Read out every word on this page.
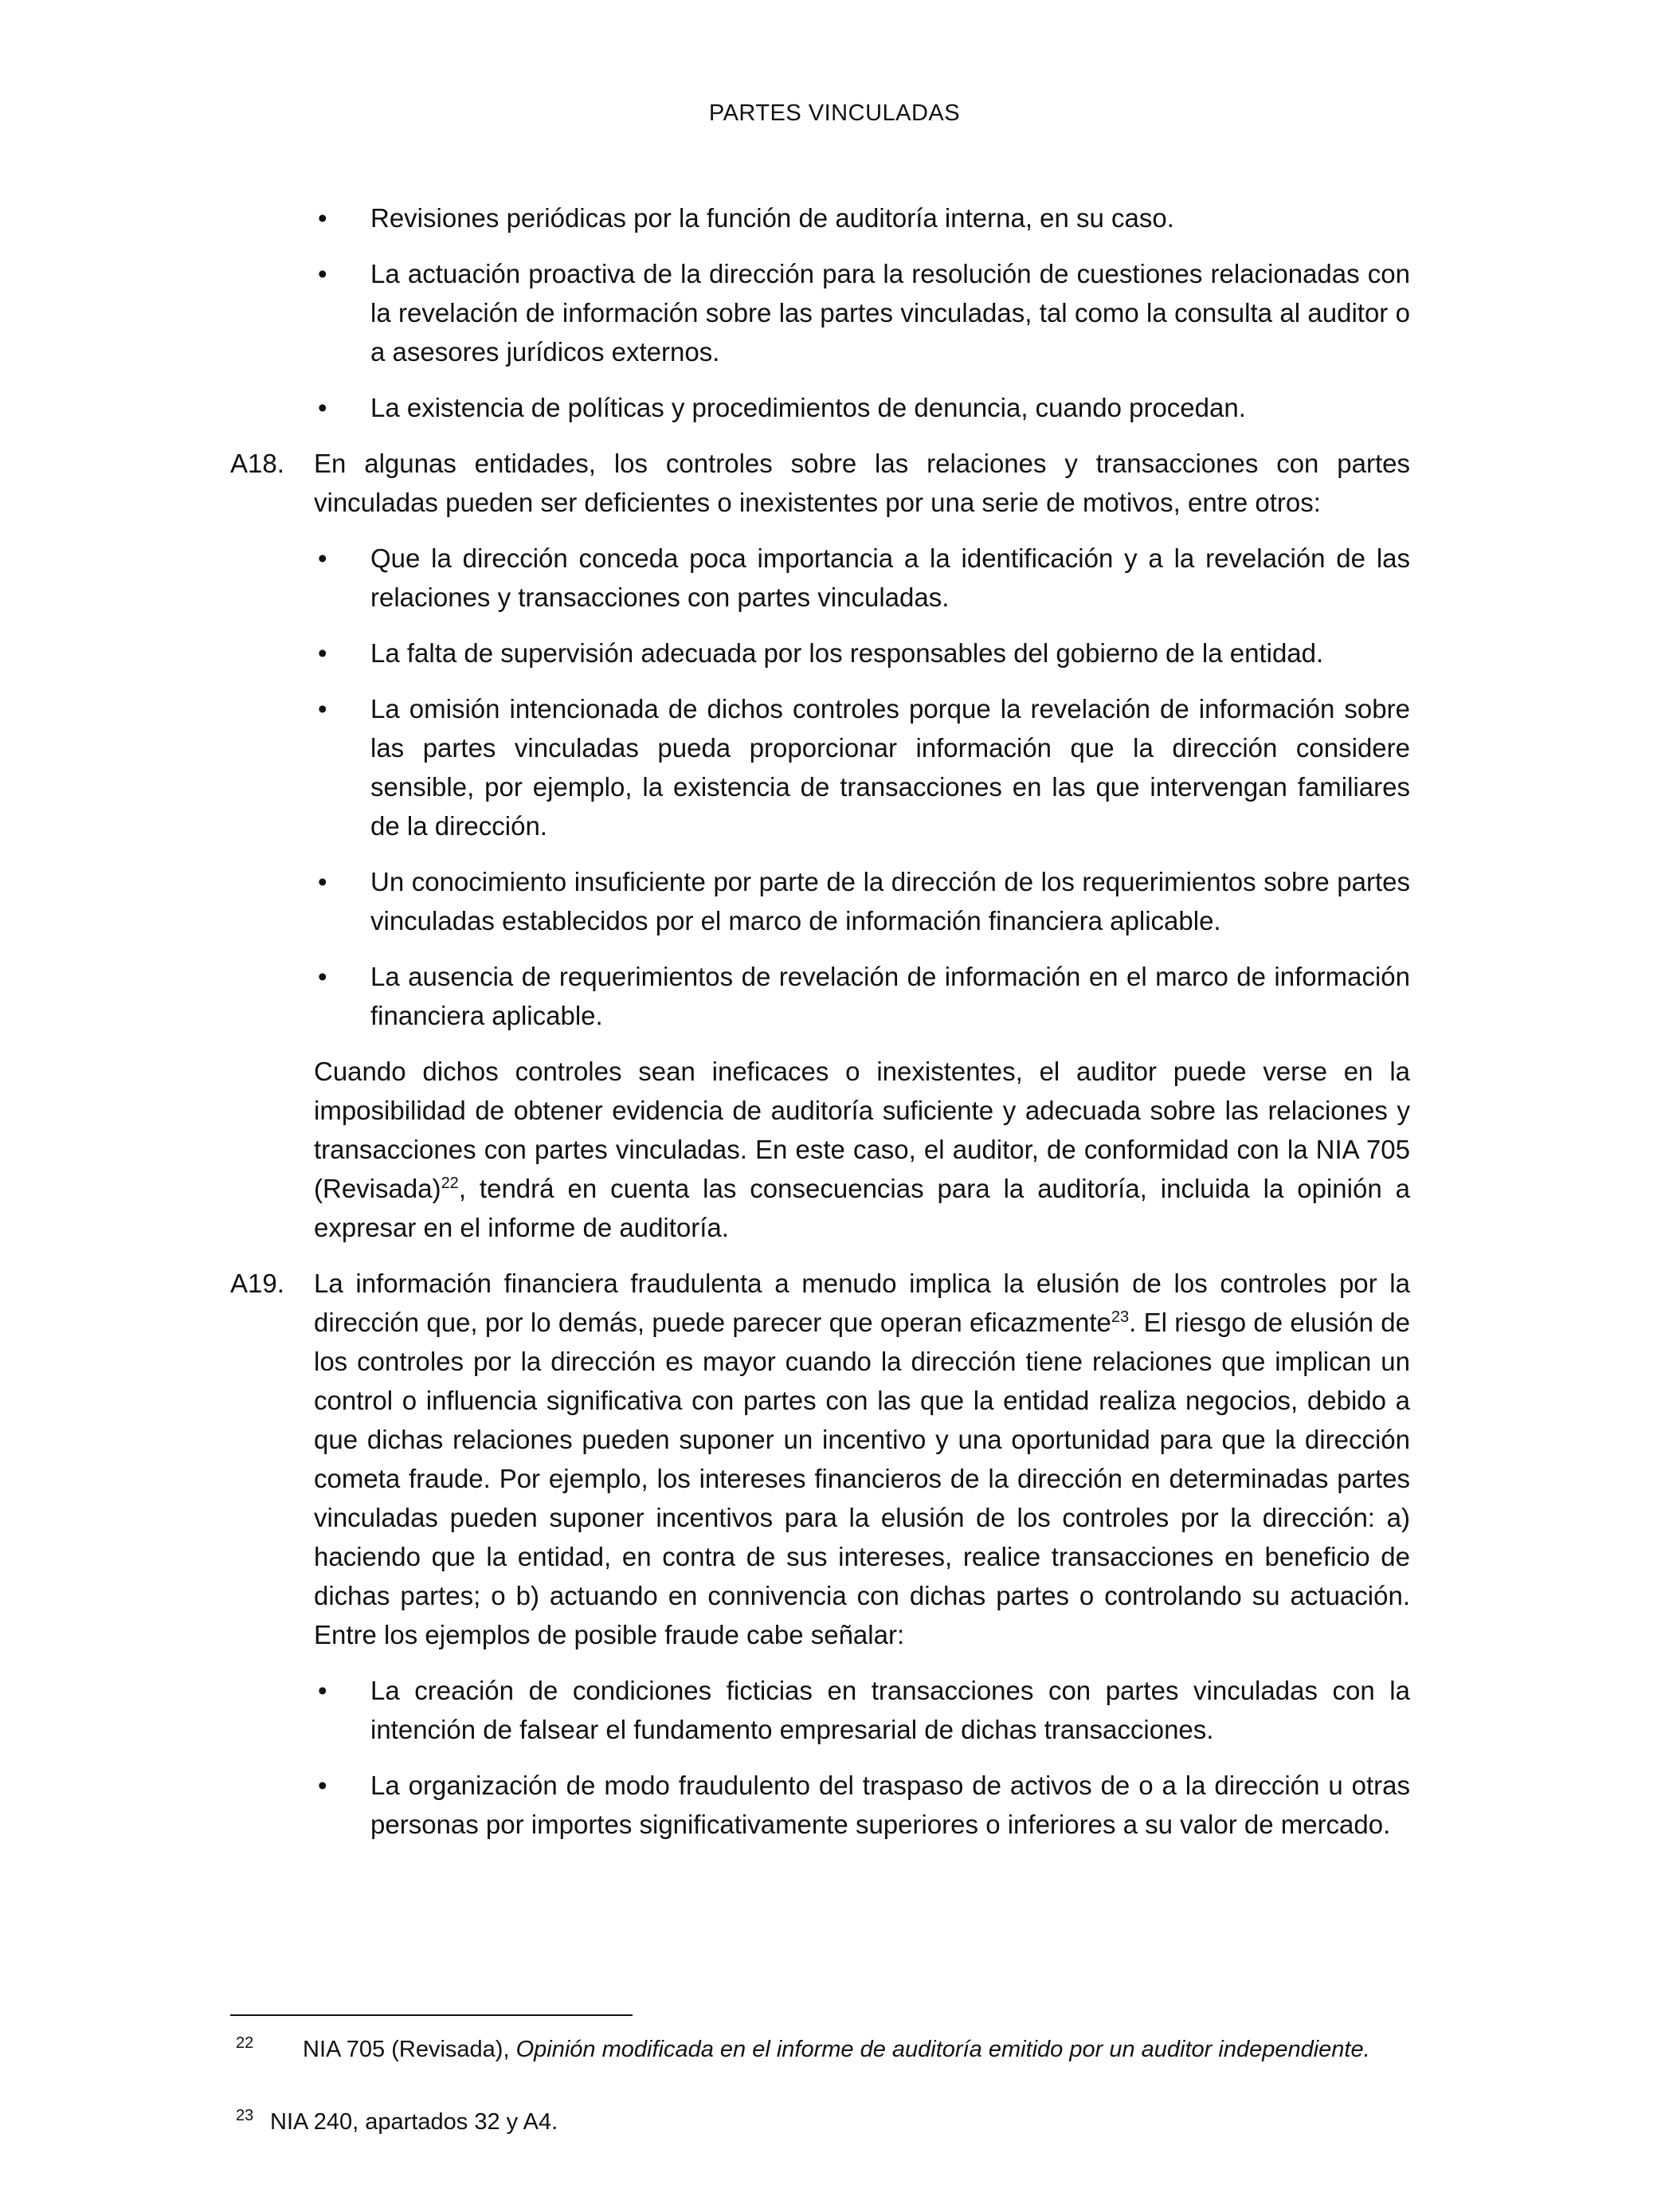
PARTES VINCULADAS
•	Revisiones periódicas por la función de auditoría interna, en su caso.
•	La actuación proactiva de la dirección para la resolución de cuestiones relacionadas con la revelación de información sobre las partes vinculadas, tal como la consulta al auditor o a asesores jurídicos externos.
•	La existencia de políticas y procedimientos de denuncia, cuando procedan.
A18. En algunas entidades, los controles sobre las relaciones y transacciones con partes vinculadas pueden ser deficientes o inexistentes por una serie de motivos, entre otros:
•	Que la dirección conceda poca importancia a la identificación y a la revelación de las relaciones y transacciones con partes vinculadas.
•	La falta de supervisión adecuada por los responsables del gobierno de la entidad.
•	La omisión intencionada de dichos controles porque la revelación de información sobre las partes vinculadas pueda proporcionar información que la dirección considere sensible, por ejemplo, la existencia de transacciones en las que intervengan familiares de la dirección.
•	Un conocimiento insuficiente por parte de la dirección de los requerimientos sobre partes vinculadas establecidos por el marco de información financiera aplicable.
•	La ausencia de requerimientos de revelación de información en el marco de información financiera aplicable.
Cuando dichos controles sean ineficaces o inexistentes, el auditor puede verse en la imposibilidad de obtener evidencia de auditoría suficiente y adecuada sobre las relaciones y transacciones con partes vinculadas. En este caso, el auditor, de conformidad con la NIA 705 (Revisada)$^{22}$, tendrá en cuenta las consecuencias para la auditoría, incluida la opinión a expresar en el informe de auditoría.
A19. La información financiera fraudulenta a menudo implica la elusión de los controles por la dirección que, por lo demás, puede parecer que operan eficazmente$^{23}$. El riesgo de elusión de los controles por la dirección es mayor cuando la dirección tiene relaciones que implican un control o influencia significativa con partes con las que la entidad realiza negocios, debido a que dichas relaciones pueden suponer un incentivo y una oportunidad para que la dirección cometa fraude. Por ejemplo, los intereses financieros de la dirección en determinadas partes vinculadas pueden suponer incentivos para la elusión de los controles por la dirección: a) haciendo que la entidad, en contra de sus intereses, realice transacciones en beneficio de dichas partes; o b) actuando en connivencia con dichas partes o controlando su actuación. Entre los ejemplos de posible fraude cabe señalar:
•	La creación de condiciones ficticias en transacciones con partes vinculadas con la intención de falsear el fundamento empresarial de dichas transacciones.
•	La organización de modo fraudulento del traspaso de activos de o a la dirección u otras personas por importes significativamente superiores o inferiores a su valor de mercado.
22	NIA 705 (Revisada), Opinión modificada en el informe de auditoría emitido por un auditor independiente.
23 NIA 240, apartados 32 y A4.
